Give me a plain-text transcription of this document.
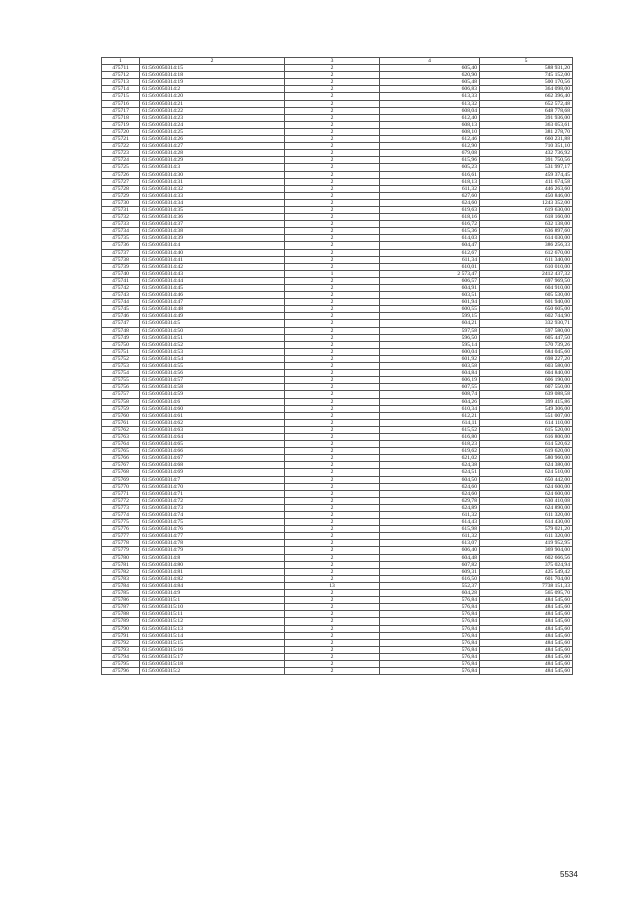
1	2	3	4	5
475711	61:56:0050314:15	2	605,40	588 931,20
475712	61:56:0050314:18	2	620,90	745 152,00
475713	61:56:0050314:19	2	605,48	500 170,56
475714	61:56:0050314:2	2	606,83	364 098,00
475715	61:56:0050314:20	2	613,33	662 396,40
475716	61:56:0050314:21	2	613,32	652 572,48
475717	61:56:0050314:22	2	608,04	648 778,68
475718	61:56:0050314:23	2	612,40	391 936,00
475719	61:56:0050314:24	2	608,13	363 053,61
475720	61:56:0050314:25	2	608,10	381 278,70
475721	61:56:0050314:26	2	612,46	660 231,88
475722	61:56:0050314:27	2	612,90	710 351,10
475723	61:56:0050314:28	2	679,08	432 736,92
475724	61:56:0050314:29	2	615,96	391 750,56
475725	61:56:0050314:3	2	605,23	531 997,17
475726	61:56:0050314:30	2	616,61	459 374,45
475727	61:56:0050314:31	2	618,13	411 674,58
475728	61:56:0050314:32	2	611,32	446 263,60
475729	61:56:0050314:33	2	627,60	450 846,00
475730	61:56:0050314:34	2	624,60	1243 352,00
475731	61:56:0050314:35	2	619,63	619 630,00
475732	61:56:0050314:36	2	618,16	618 160,00
475733	61:56:0050314:37	2	616,72	632 138,00
475734	61:56:0050314:38	2	615,36	636 897,60
475735	61:56:0050314:39	2	614,03	614 030,00
475736	61:56:0050314:4	2	604,47	386 256,33
475737	61:56:0050314:40	2	612,67	612 670,00
475738	61:56:0050314:41	2	611,34	611 340,00
475739	61:56:0050314:42	2	610,01	610 010,00
475740	61:56:0050314:43	1	2 573,47	2412 437,32
475741	61:56:0050314:44	2	606,57	697 969,50
475742	61:56:0050314:45	2	604,91	604 910,00
475743	61:56:0050314:46	2	603,51	605 530,00
475744	61:56:0050314:47	2	601,94	601 940,00
475745	61:56:0050314:48	2	600,55	650 605,00
475746	61:56:0050314:49	2	599,15	602 744,90
475747	61:56:0050314:5	2	604,21	332 930,71
475748	61:56:0050314:50	2	597,58	597 580,00
475749	61:56:0050314:51	2	596,50	605 447,50
475750	61:56:0050314:52	2	595,14	570 739,26
475751	61:56:0050314:53	2	600,04	684 045,60
475752	61:56:0050314:54	2	601,92	698 227,20
475753	61:56:0050314:55	2	603,58	603 580,00
475754	61:56:0050314:56	2	604,84	604 840,00
475755	61:56:0050314:57	2	606,19	606 190,00
475756	61:56:0050314:58	2	607,55	607 550,00
475757	61:56:0050314:59	2	608,74	639 088,58
475758	61:56:0050314:6	2	604,26	399 415,86
475759	61:56:0050314:60	2	610,34	549 306,00
475760	61:56:0050314:61	2	612,21	551 007,00
475761	61:56:0050314:62	2	614,11	614 110,00
475762	61:56:0050314:63	2	615,52	615 520,00
475763	61:56:0050314:64	2	616,80	616 800,00
475764	61:56:0050314:65	2	618,23	614 520,62
475765	61:56:0050314:66	2	619,62	619 620,00
475766	61:56:0050314:67	2	621,02	580 960,00
475767	61:56:0050314:68	2	624,38	624 380,00
475768	61:56:0050314:69	2	624,51	624 510,00
475769	61:56:0050314:7	2	604,50	650 442,00
475770	61:56:0050314:70	2	624,60	624 600,00
475771	61:56:0050314:71	2	624,60	624 600,00
475772	61:56:0050314:72	2	629,78	630 410,08
475773	61:56:0050314:73	2	624,89	624 890,00
475774	61:56:0050314:74	2	611,32	611 320,00
475775	61:56:0050314:75	2	614,43	614 430,00
475776	61:56:0050314:76	2	615,98	579 021,20
475777	61:56:0050314:77	2	611,32	611 320,00
475778	61:56:0050314:78	2	613,07	419 952,95
475779	61:56:0050314:79	2	606,40	369 904,00
475780	61:56:0050314:8	2	604,48	602 666,56
475781	61:56:0050314:80	2	607,82	375 024,94
475782	61:56:0050314:81	2	609,31	425 549,42
475783	61:56:0050314:82	2	616,50	601 704,00
475784	61:56:0050314:84	13	552,37	7738 151,33
475785	61:56:0050314:9	2	604,28	565 095,70
475786	61:56:0050315:1	2	576,84	484 545,60
475787	61:56:0050315:10	2	576,84	484 545,60
475788	61:56:0050315:11	2	576,84	484 545,60
475789	61:56:0050315:12	2	576,84	484 545,60
475790	61:56:0050315:13	2	576,84	484 545,60
475791	61:56:0050315:14	2	576,84	484 545,60
475792	61:56:0050315:15	2	576,84	484 545,60
475793	61:56:0050315:16	2	576,84	484 545,60
475794	61:56:0050315:17	2	576,84	484 545,60
475795	61:56:0050315:18	2	576,84	484 545,60
475796	61:56:0050315:2	2	576,84	484 545,60
5534
